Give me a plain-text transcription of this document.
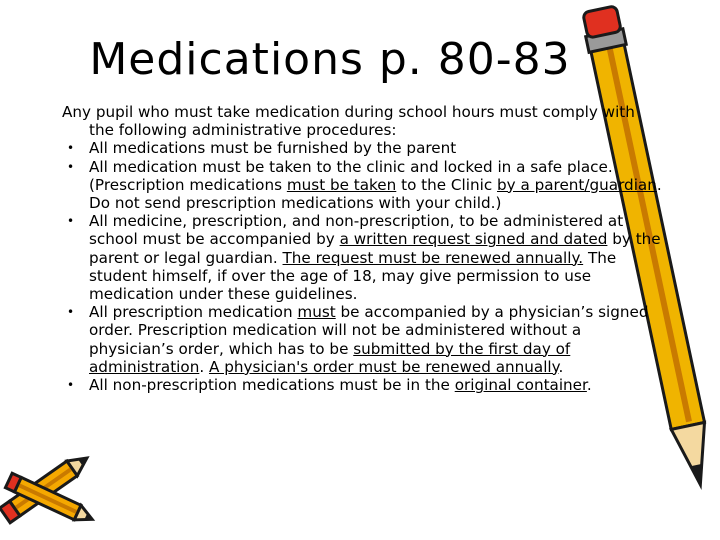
Medications p. 80-83

Any pupil who must take medication during school hours must comply with the following administrative procedures:

• All medications must be furnished by the parent
• All medication must be taken to the clinic and locked in a safe place. (Prescription medications must be taken to the Clinic by a parent/guardian. Do not send prescription medications with your child.)
• All medicine, prescription, and non-prescription, to be administered at school must be accompanied by a written request signed and dated by the parent or legal guardian. The request must be renewed annually. The student himself, if over the age of 18, may give permission to use medication under these guidelines.
• All prescription medication must be accompanied by a physician’s signed order. Prescription medication will not be administered without a physician’s order, which has to be submitted by the first day of administration. A physician's order must be renewed annually.
• All non-prescription medications must be in the original container.
